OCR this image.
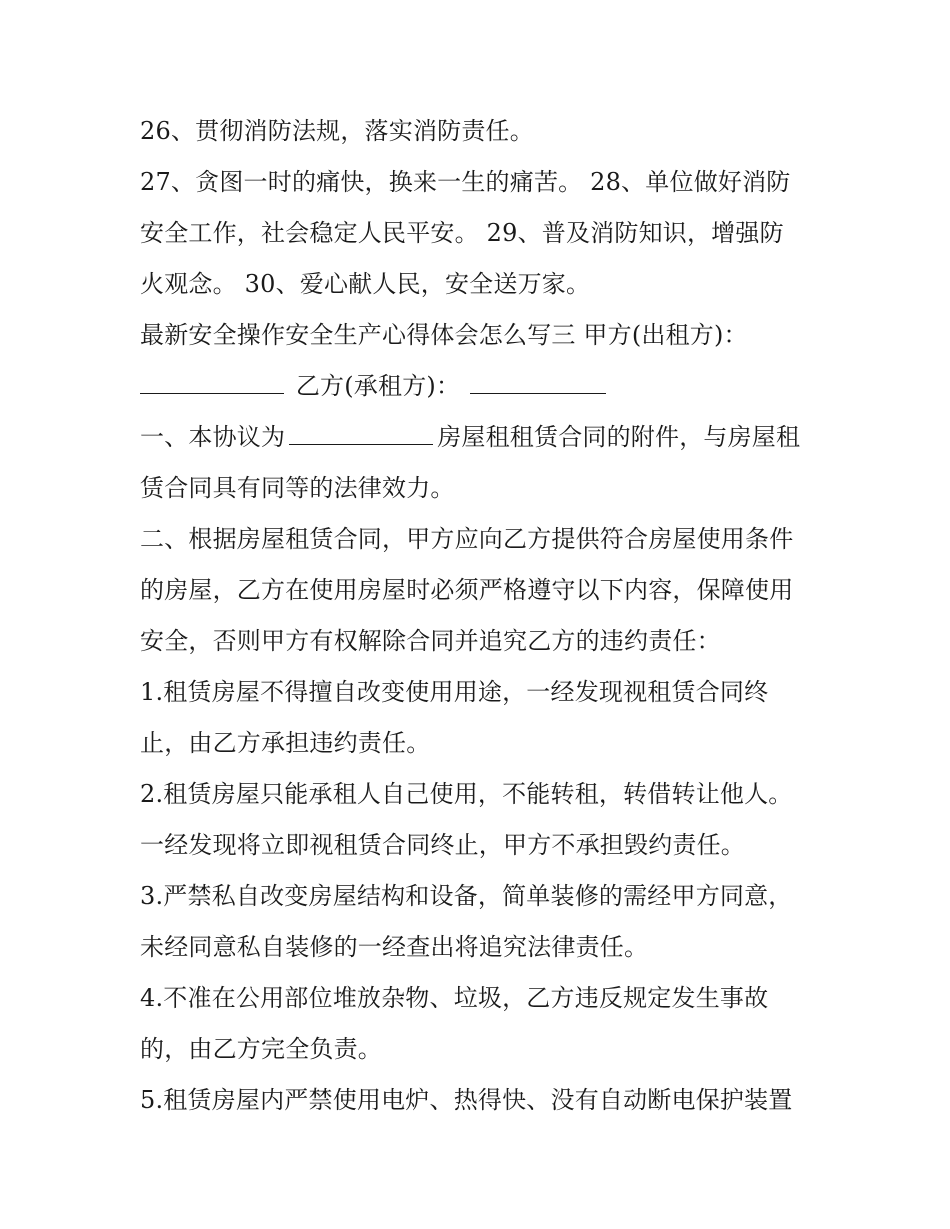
26、贯彻消防法规，落实消防责任。
27、贪图一时的痛快，换来一生的痛苦。 28、单位做好消防
安全工作，社会稳定人民平安。 29、普及消防知识，增强防
火观念。 30、爱心献人民，安全送万家。
最新安全操作安全生产心得体会怎么写三 甲方(出租方)：
乙方(承租方)：
一、本协议为	房屋租租赁合同的附件，与房屋租
赁合同具有同等的法律效力。
二、根据房屋租赁合同，甲方应向乙方提供符合房屋使用条件
的房屋，乙方在使用房屋时必须严格遵守以下内容，保障使用
安全，否则甲方有权解除合同并追究乙方的违约责任：
1.租赁房屋不得擅自改变使用用途，一经发现视租赁合同终
止，由乙方承担违约责任。
2.租赁房屋只能承租人自己使用，不能转租，转借转让他人。
一经发现将立即视租赁合同终止，甲方不承担毁约责任。
3.严禁私自改变房屋结构和设备，简单装修的需经甲方同意，
未经同意私自装修的一经查出将追究法律责任。
4.不准在公用部位堆放杂物、垃圾，乙方违反规定发生事故
的，由乙方完全负责。
5.租赁房屋内严禁使用电炉、热得快、没有自动断电保护装置
